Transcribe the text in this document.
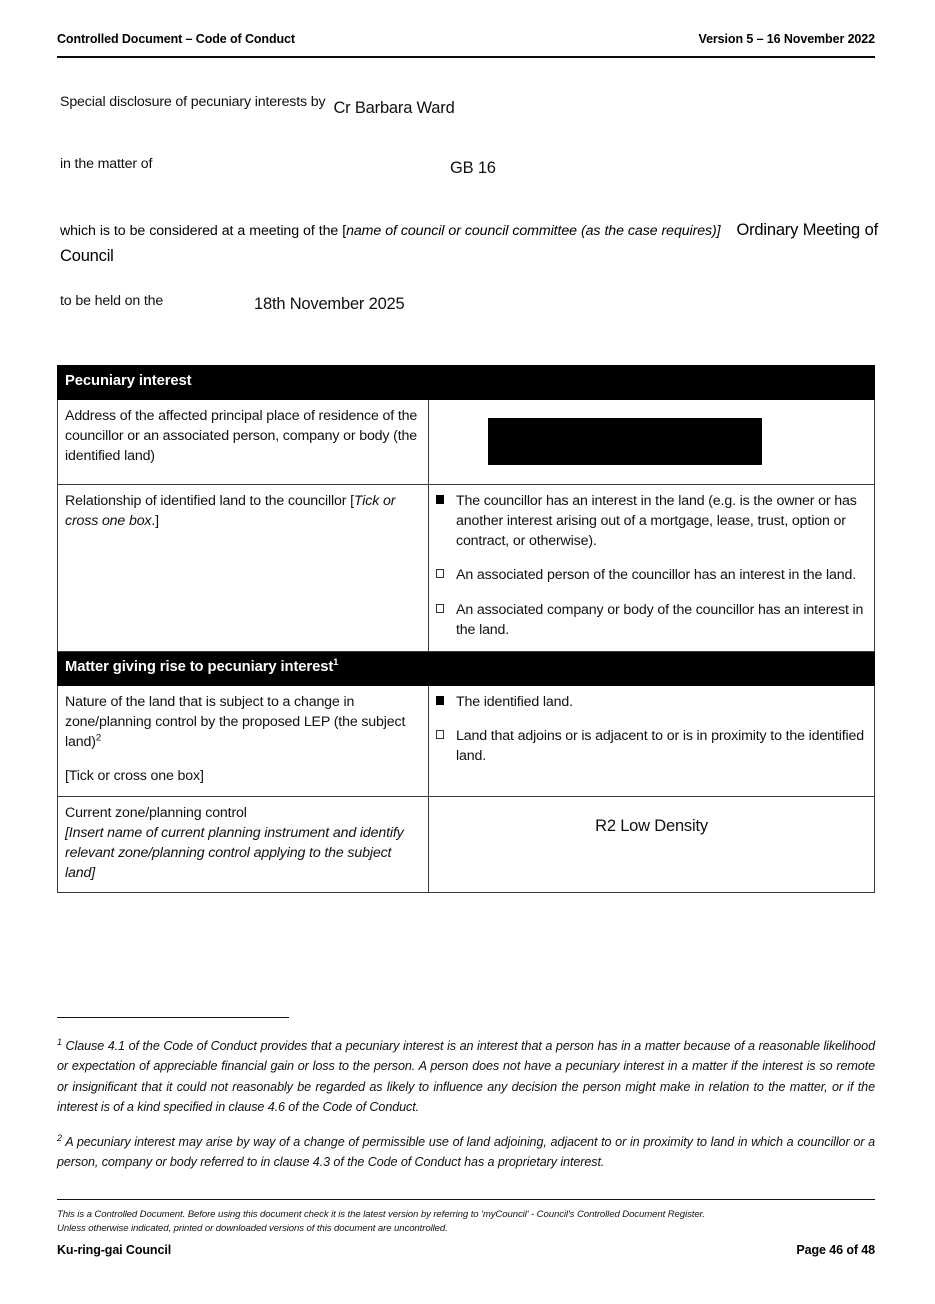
Controlled Document – Code of Conduct	Version 5 – 16 November 2022
Special disclosure of pecuniary interests by Cr Barbara Ward
in the matter of	GB 16
which is to be considered at a meeting of the [name of council or council committee (as the case requires)] Ordinary Meeting of Council
to be held on the	18th November 2025
Pecuniary interest	
Address of the affected principal place of residence of the councillor or an associated person, company or body (the identified land)	

Relationship of identified land to the councillor [Tick or cross one box.]	The councillor has an interest in the land (e.g. is the owner or has another interest arising out of a mortgage, lease, trust, option or contract, or otherwise).
An associated person of the councillor has an interest in the land.
An associated company or body of the councillor has an interest in the land.

Matter giving rise to pecuniary interest$^1$
Nature of the land that is subject to a change in zone/planning control by the proposed LEP (the subject land)$^2$
[Tick or cross one box]	The identified land.
Land that adjoins or is adjacent to or is in proximity to the identified land.

Current zone/planning control
[Insert name of current planning instrument and identify relevant zone/planning control applying to the subject land]	R2 Low Density

$^1$ Clause 4.1 of the Code of Conduct provides that a pecuniary interest is an interest that a person has in a matter because of a reasonable likelihood or expectation of appreciable financial gain or loss to the person. A person does not have a pecuniary interest in a matter if the interest is so remote or insignificant that it could not reasonably be regarded as likely to influence any decision the person might make in relation to the matter, or if the interest is of a kind specified in clause 4.6 of the Code of Conduct.

$^2$ A pecuniary interest may arise by way of a change of permissible use of land adjoining, adjacent to or in proximity to land in which a councillor or a person, company or body referred to in clause 4.3 of the Code of Conduct has a proprietary interest.

This is a Controlled Document. Before using this document check it is the latest version by referring to 'myCouncil' - Council's Controlled Document Register.
Unless otherwise indicated, printed or downloaded versions of this document are uncontrolled.
Ku-ring-gai Council	Page 46 of 48
